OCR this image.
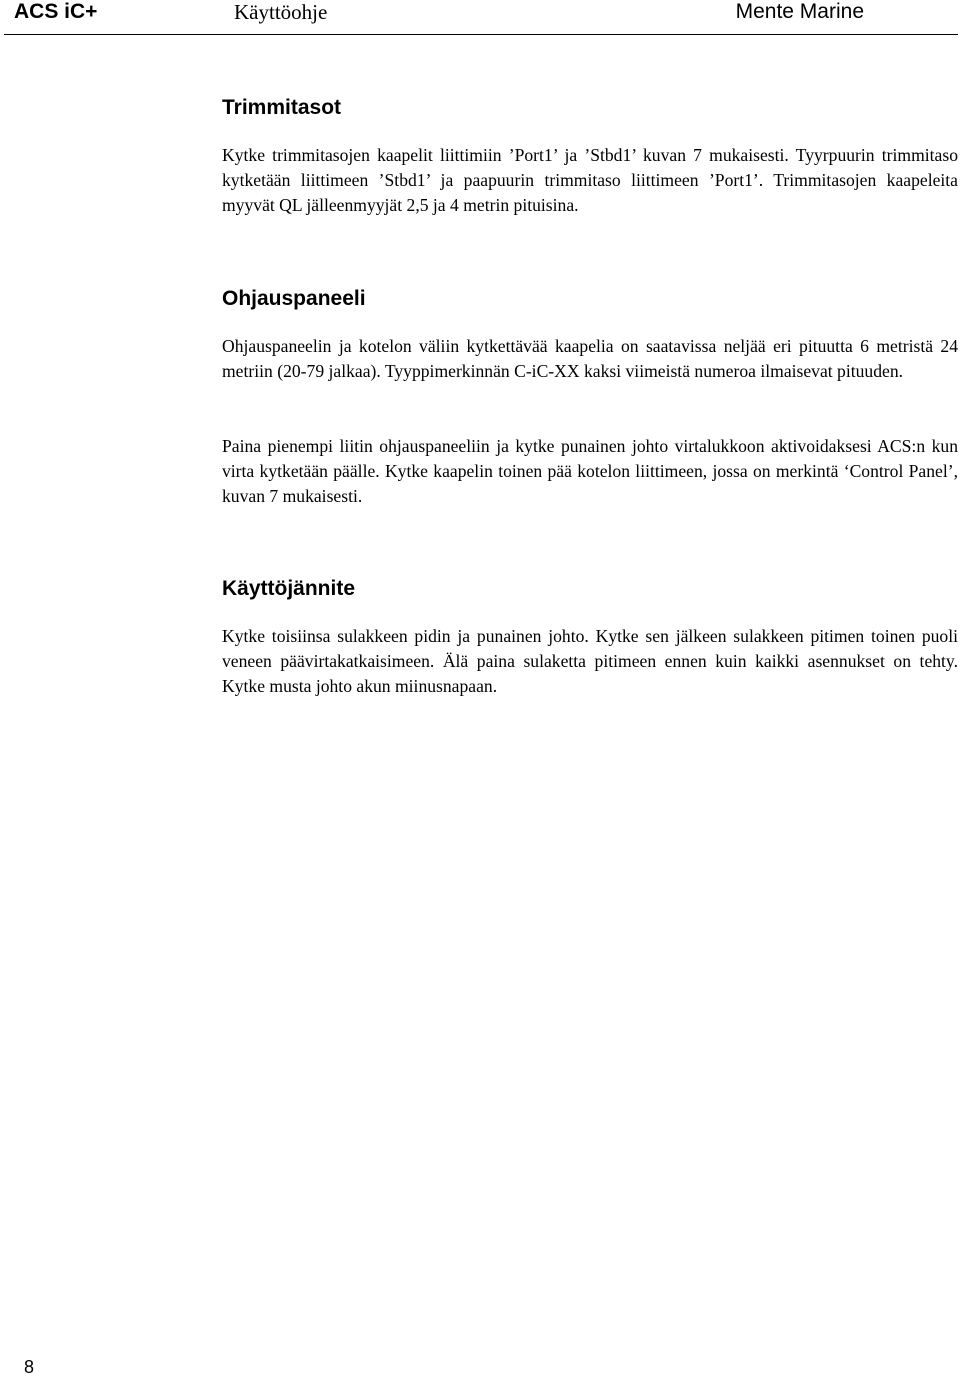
ACS iC+	Käyttöohje	Mente Marine
Trimmitasot

Kytke trimmitasojen kaapelit liittimiin ’Port1’ ja ’Stbd1’ kuvan 7 mukaisesti. Tyyrpuurin trimmitaso kytketään liittimeen ’Stbd1’ ja paapuurin trimmitaso liittimeen ’Port1’. Trimmitasojen kaapeleita myyvät QL jälleenmyyjät 2,5 ja 4 metrin pituisina.

Ohjauspaneeli

Ohjauspaneelin ja kotelon väliin kytkettävää kaapelia on saatavissa neljää eri pituutta 6 metristä 24 metriin (20-79 jalkaa). Tyyppimerkinnän C-iC-XX kaksi viimeistä numeroa ilmaisevat pituuden.

Paina pienempi liitin ohjauspaneeliin ja kytke punainen johto virtalukkoon aktivoidaksesi ACS:n kun virta kytketään päälle. Kytke kaapelin toinen pää kotelon liittimeen, jossa on merkintä ‘Control Panel’, kuvan 7 mukaisesti.

Käyttöjännite

Kytke toisiinsa sulakkeen pidin ja punainen johto. Kytke sen jälkeen sulakkeen pitimen toinen puoli veneen päävirtakatkaisimeen. Älä paina sulaketta pitimeen ennen kuin kaikki asennukset on tehty. Kytke musta johto akun miinusnapaan.

8
